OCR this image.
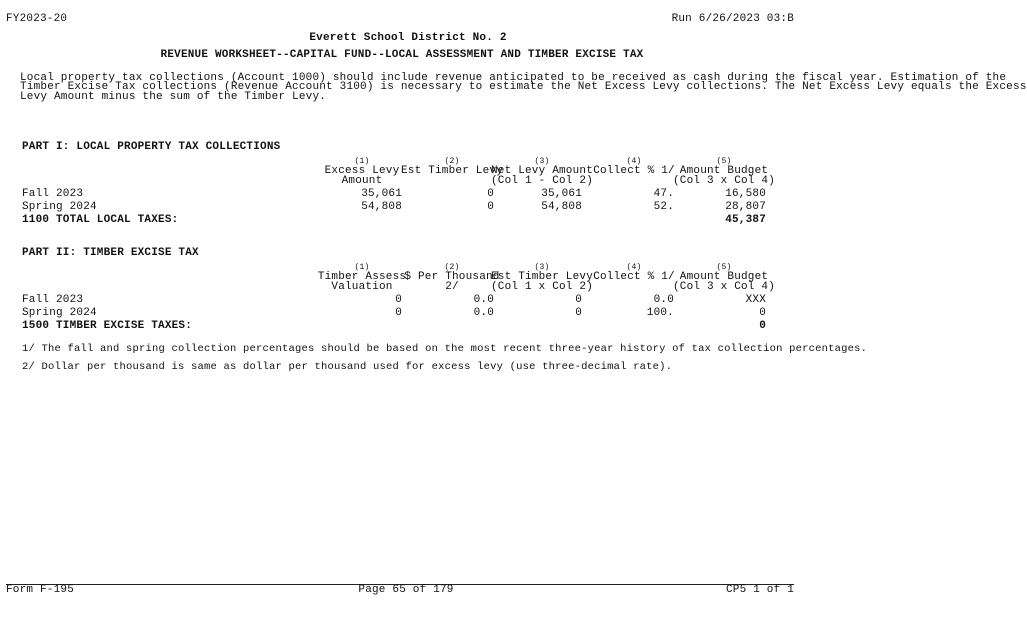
FY2023-20	Run 6/26/2023 03:B
Everett School District No. 2
REVENUE WORKSHEET--CAPITAL FUND--LOCAL ASSESSMENT AND TIMBER EXCISE TAX
Local property tax collections (Account 1000) should include revenue anticipated to be received as cash during the fiscal year. Estimation of the
Timber Excise Tax collections (Revenue Account 3100) is necessary to estimate the Net Excess Levy collections. The Net Excess Levy equals the Excess
Levy Amount minus the sum of the Timber Levy.
PART I: LOCAL PROPERTY TAX COLLECTIONS
(1)
Excess Levy
Amount
(2)
Est Timber Levy
(3)
Net Levy Amount
(Col 1 - Col 2)
(4)
Collect % 1/
(5)
Amount Budget
(Col 3 x Col 4)
Fall 2023	35,061	0	35,061	47.	16,580
Spring 2024	54,808	0	54,808	52.	28,807
1100 TOTAL LOCAL TAXES:	45,387
PART II: TIMBER EXCISE TAX
(1)
Timber Assess
Valuation
(2)
$ Per Thousand
2/
(3)
Est Timber Levy
(Col 1 x Col 2)
(4)
Collect % 1/
(5)
Amount Budget
(Col 3 x Col 4)
Fall 2023	0	0.0	0	0.0	XXX
Spring 2024	0	0.0	0	100.	0
1500 TIMBER EXCISE TAXES:	0
1/ The fall and spring collection percentages should be based on the most recent three-year history of tax collection percentages.
2/ Dollar per thousand is same as dollar per thousand used for excess levy (use three-decimal rate).
Form F-195	Page 65 of 179	CP5 1 of 1
